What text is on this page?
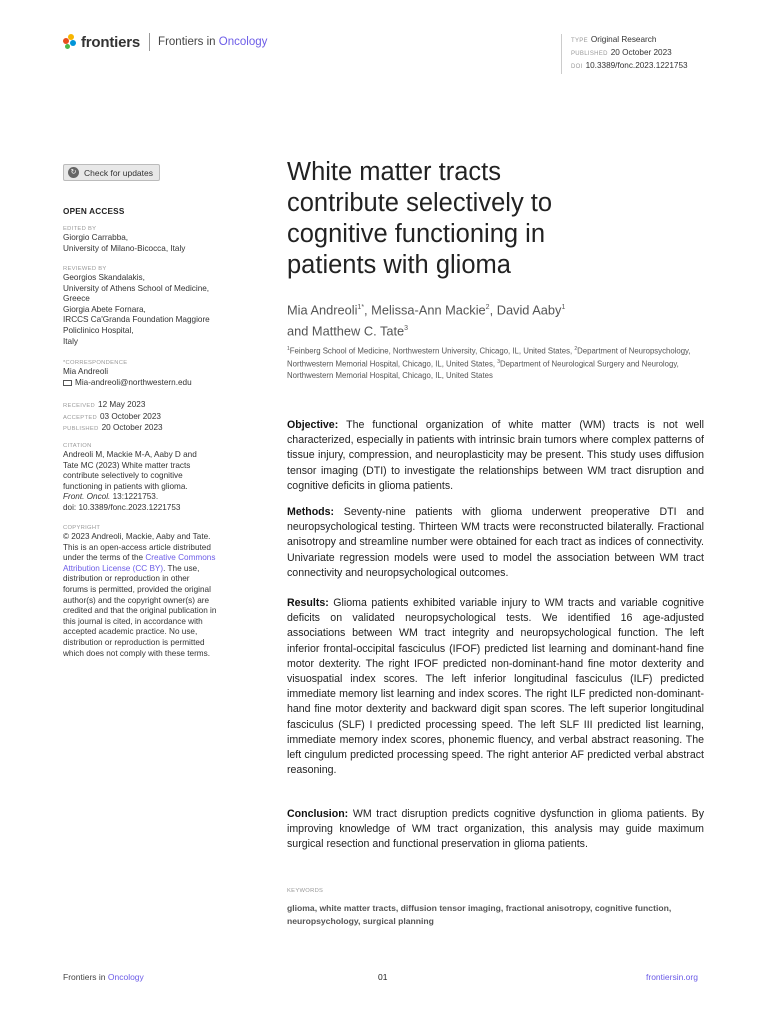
frontiers Frontiers in Oncology	TYPE Original Research
PUBLISHED 20 October 2023
DOI 10.3389/fonc.2023.1221753
↻ Check for updates
OPEN ACCESS
EDITED BY
Giorgio Carrabba,
University of Milano-Bicocca, Italy
REVIEWED BY
Georgios Skandalakis,
University of Athens School of Medicine,
Greece
Giorgia Abete Fornara,
IRCCS Ca'Granda Foundation Maggiore
Policlinico Hospital,
Italy
*CORRESPONDENCE
Mia Andreoli
Mia-andreoli@northwestern.edu
RECEIVED 12 May 2023
ACCEPTED 03 October 2023
PUBLISHED 20 October 2023
CITATION
Andreoli M, Mackie M-A, Aaby D and
Tate MC (2023) White matter tracts
contribute selectively to cognitive
functioning in patients with glioma.
Front. Oncol. 13:1221753.
doi: 10.3389/fonc.2023.1221753
COPYRIGHT
© 2023 Andreoli, Mackie, Aaby and Tate.
This is an open-access article distributed
under the terms of the Creative Commons
Attribution License (CC BY). The use,
distribution or reproduction in other
forums is permitted, provided the original
author(s) and the copyright owner(s) are
credited and that the original publication in
this journal is cited, in accordance with
accepted academic practice. No use,
distribution or reproduction is permitted
which does not comply with these terms.
White matter tracts contribute selectively to cognitive functioning in patients with glioma
Mia Andreoli$^{1*}$, Melissa-Ann Mackie$^2$, David Aaby$^1$
and Matthew C. Tate$^3$
$^1$Feinberg School of Medicine, Northwestern University, Chicago, IL, United States, $^2$Department of Neuropsychology, Northwestern Memorial Hospital, Chicago, IL, United States, $^3$Department of Neurological Surgery and Neurology, Northwestern Memorial Hospital, Chicago, IL, United States
Objective: The functional organization of white matter (WM) tracts is not well characterized, especially in patients with intrinsic brain tumors where complex patterns of tissue injury, compression, and neuroplasticity may be present. This study uses diffusion tensor imaging (DTI) to investigate the relationships between WM tract disruption and cognitive deficits in glioma patients.
Methods: Seventy-nine patients with glioma underwent preoperative DTI and neuropsychological testing. Thirteen WM tracts were reconstructed bilaterally. Fractional anisotropy and streamline number were obtained for each tract as indices of connectivity. Univariate regression models were used to model the association between WM tract connectivity and neuropsychological outcomes.
Results: Glioma patients exhibited variable injury to WM tracts and variable cognitive deficits on validated neuropsychological tests. We identified 16 age-adjusted associations between WM tract integrity and neuropsychological function. The left inferior frontal-occipital fasciculus (IFOF) predicted list learning and dominant-hand fine motor dexterity. The right IFOF predicted non-dominant-hand fine motor dexterity and visuospatial index scores. The left inferior longitudinal fasciculus (ILF) predicted immediate memory list learning and index scores. The right ILF predicted non-dominant-hand fine motor dexterity and backward digit span scores. The left superior longitudinal fasciculus (SLF) I predicted processing speed. The left SLF III predicted list learning, immediate memory index scores, phonemic fluency, and verbal abstract reasoning. The left cingulum predicted processing speed. The right anterior AF predicted verbal abstract reasoning.
Conclusion: WM tract disruption predicts cognitive dysfunction in glioma patients. By improving knowledge of WM tract organization, this analysis may guide maximum surgical resection and functional preservation in glioma patients.
KEYWORDS
glioma, white matter tracts, diffusion tensor imaging, fractional anisotropy, cognitive function, neuropsychology, surgical planning
Frontiers in Oncology	01	frontiersin.org
